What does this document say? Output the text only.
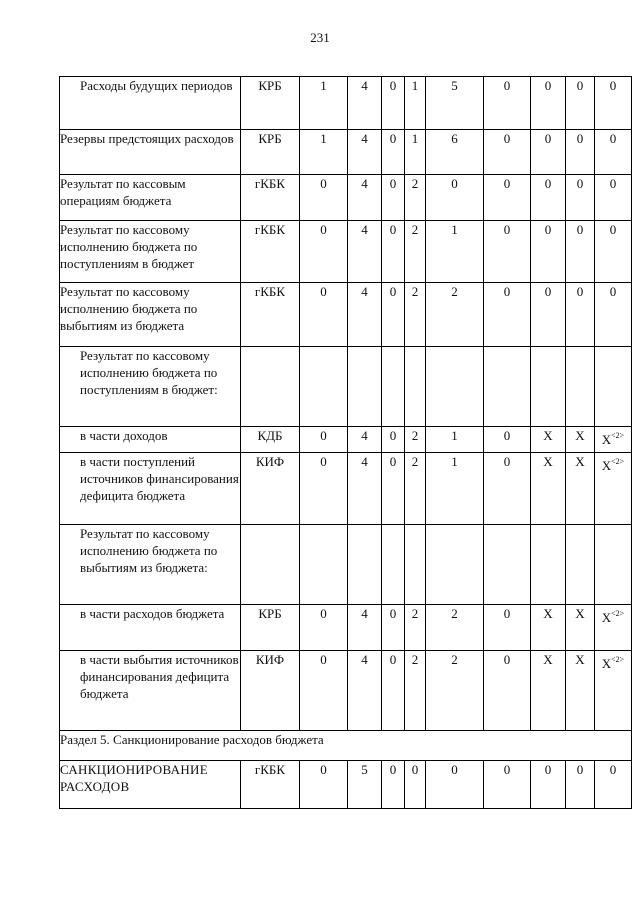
231
Расходы будущих периодов	КРБ	1	4	0	1	5	0	0	0	0
Резервы предстоящих расходов	КРБ	1	4	0	1	6	0	0	0	0
Результат по кассовым операциям бюджета	гКБК	0	4	0	2	0	0	0	0	0
Результат по кассовому исполнению бюджета по поступлениям в бюджет	гКБК	0	4	0	2	1	0	0	0	0
Результат по кассовому исполнению бюджета по выбытиям из бюджета	гКБК	0	4	0	2	2	0	0	0	0
Результат по кассовому исполнению бюджета по поступлениям в бюджет:										
в части доходов	КДБ	0	4	0	2	1	0	X	X	$X^{<2>}$
в части поступлений источников финансирования дефицита бюджета	КИФ	0	4	0	2	1	0	X	X	$X^{<2>}$
Результат по кассовому исполнению бюджета по выбытиям из бюджета:										
в части расходов бюджета	КРБ	0	4	0	2	2	0	X	X	$X^{<2>}$
в части выбытия источников финансирования дефицита бюджета	КИФ	0	4	0	2	2	0	X	X	$X^{<2>}$
Раздел 5. Санкционирование расходов бюджета										
САНКЦИОНИРОВАНИЕ РАСХОДОВ	гКБК	0	5	0	0	0	0	0	0	0
